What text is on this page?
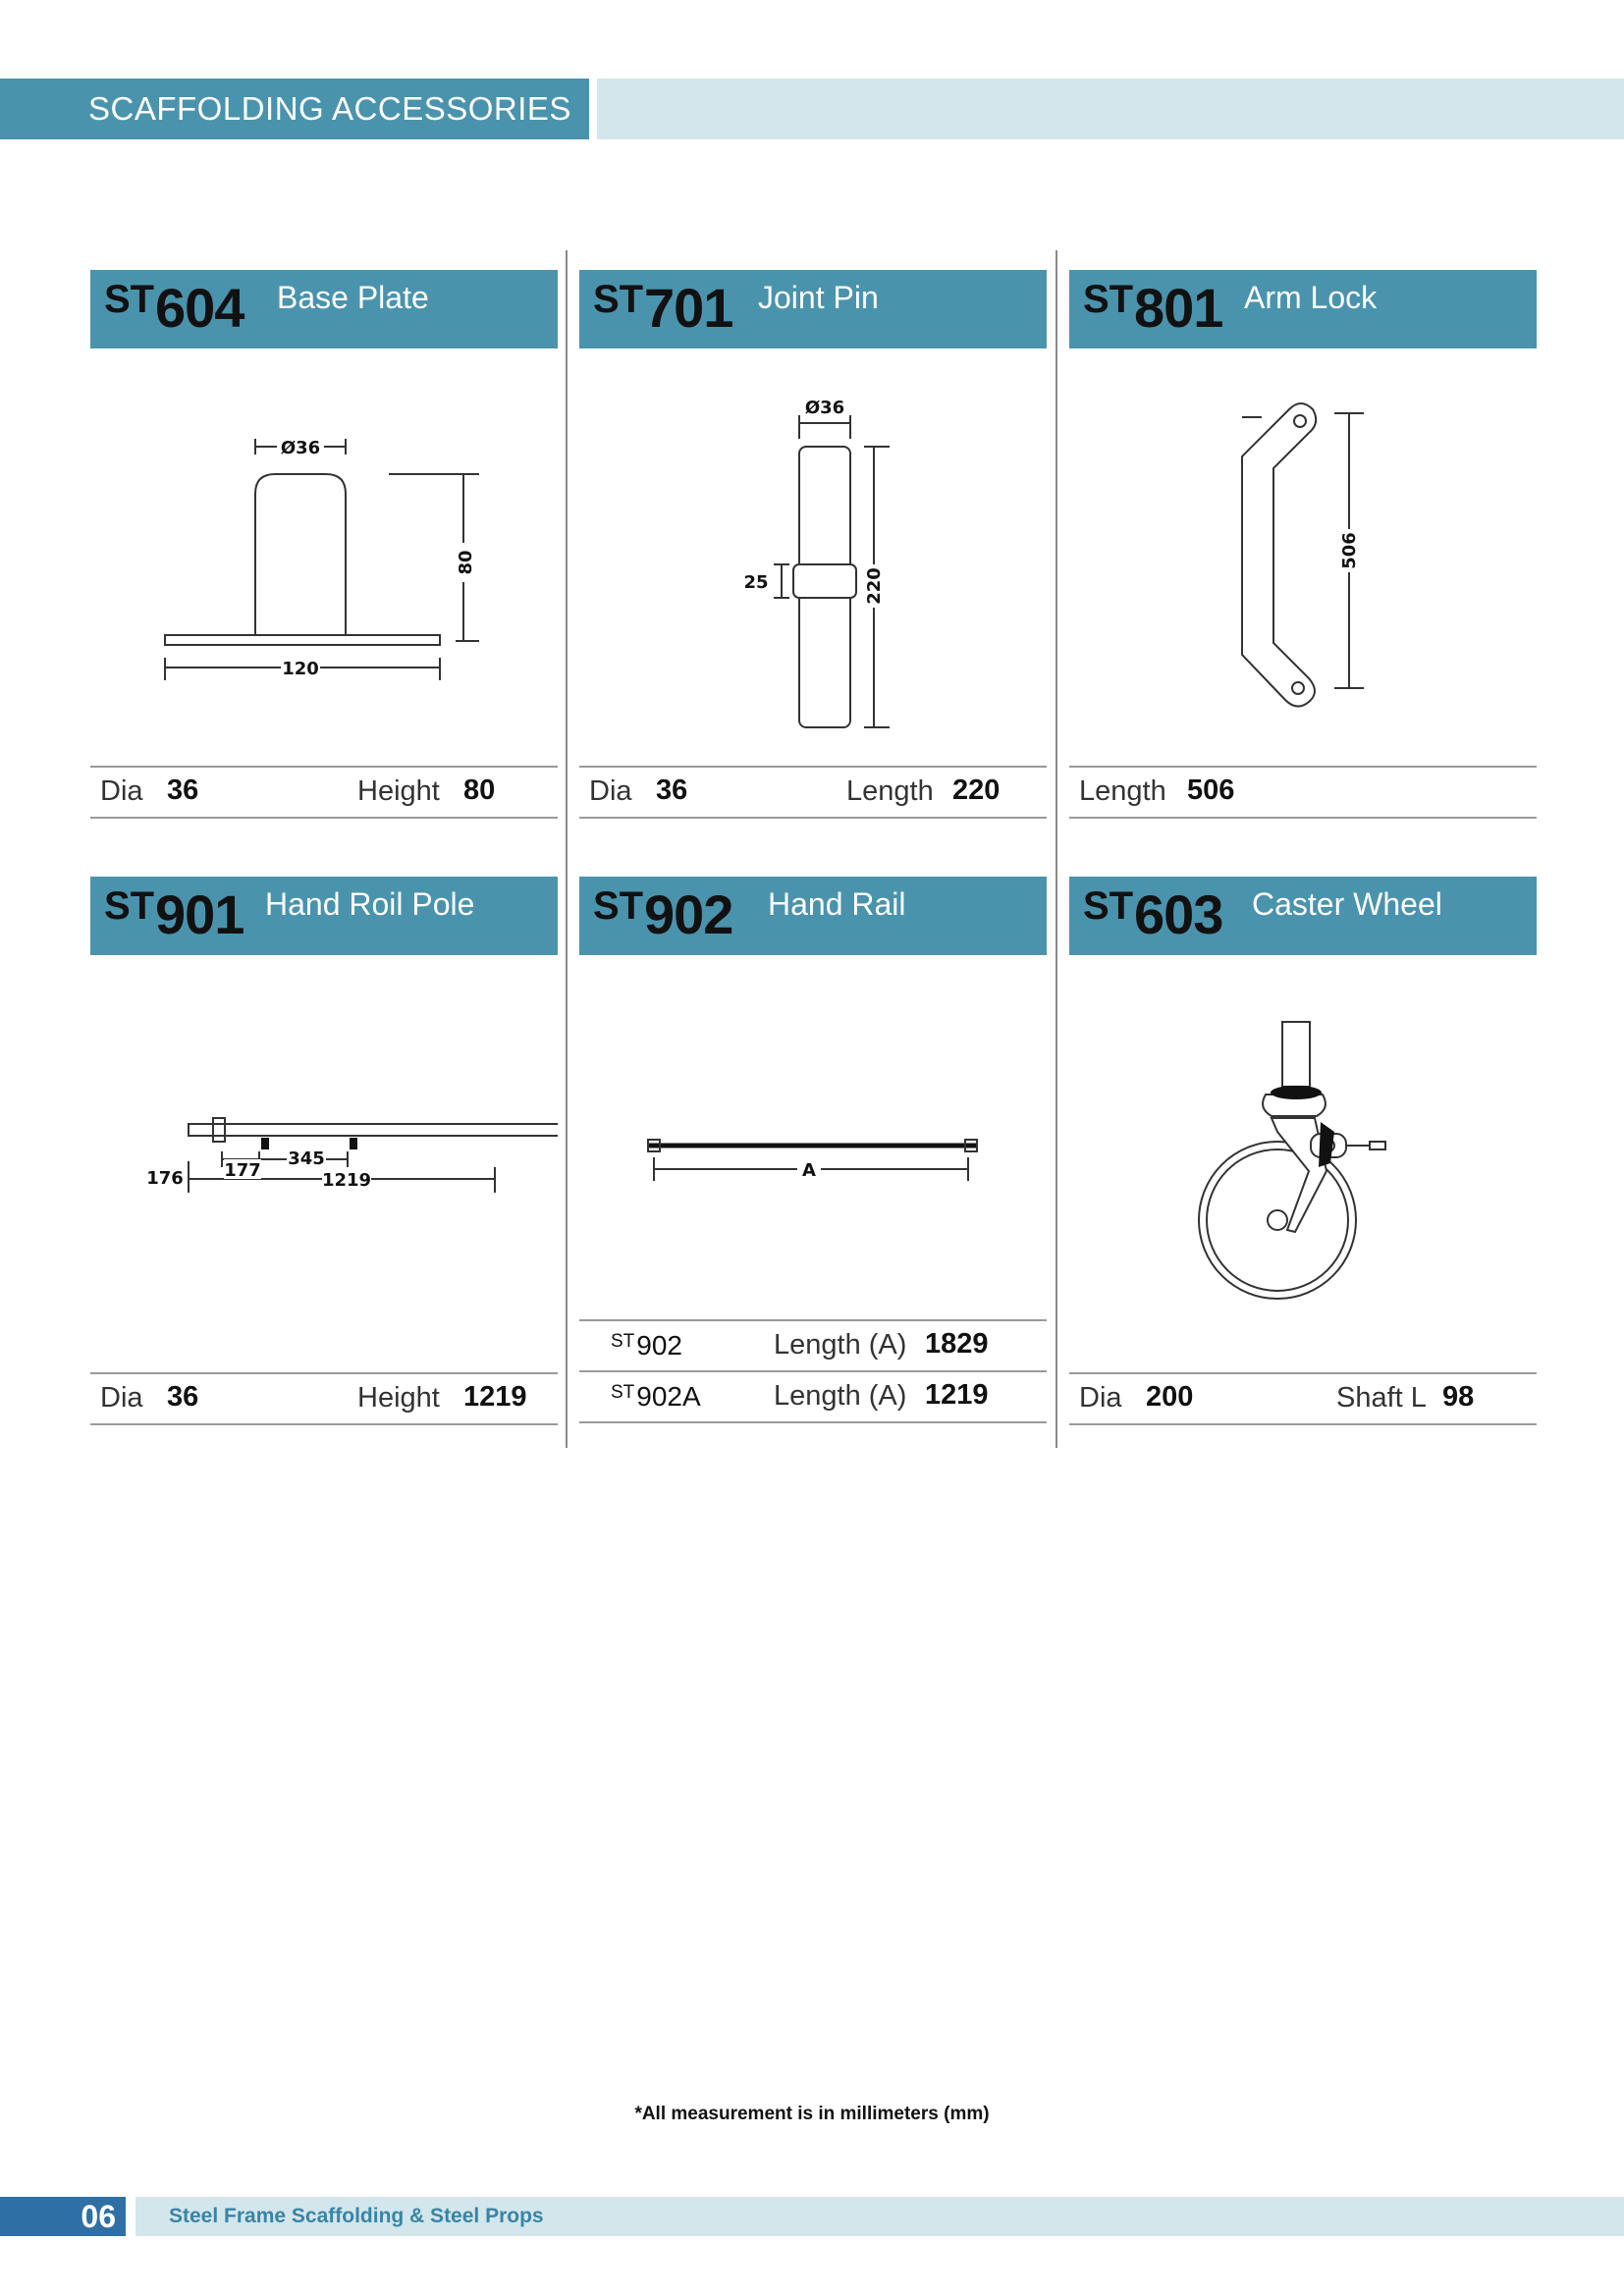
SCAFFOLDING ACCESSORIES
ST 604 Base Plate
Ø36
80
120
Dia 36	Height 80
ST 701 Joint Pin
Ø36
220
25
Dia 36	Length 220
ST 801 Arm Lock
506
Length 506
ST 901 Hand Roil Pole
176 177
345
1219
Dia 36	Height 1219
ST 902 Hand Rail
A
$^{ST}$902	Length (A) 1829
$^{ST}$902A	Length (A) 1219
ST 603 Caster Wheel
Dia 200	Shaft L 98
*All measurement is in millimeters (mm)
06	Steel Frame Scaffolding & Steel Props
